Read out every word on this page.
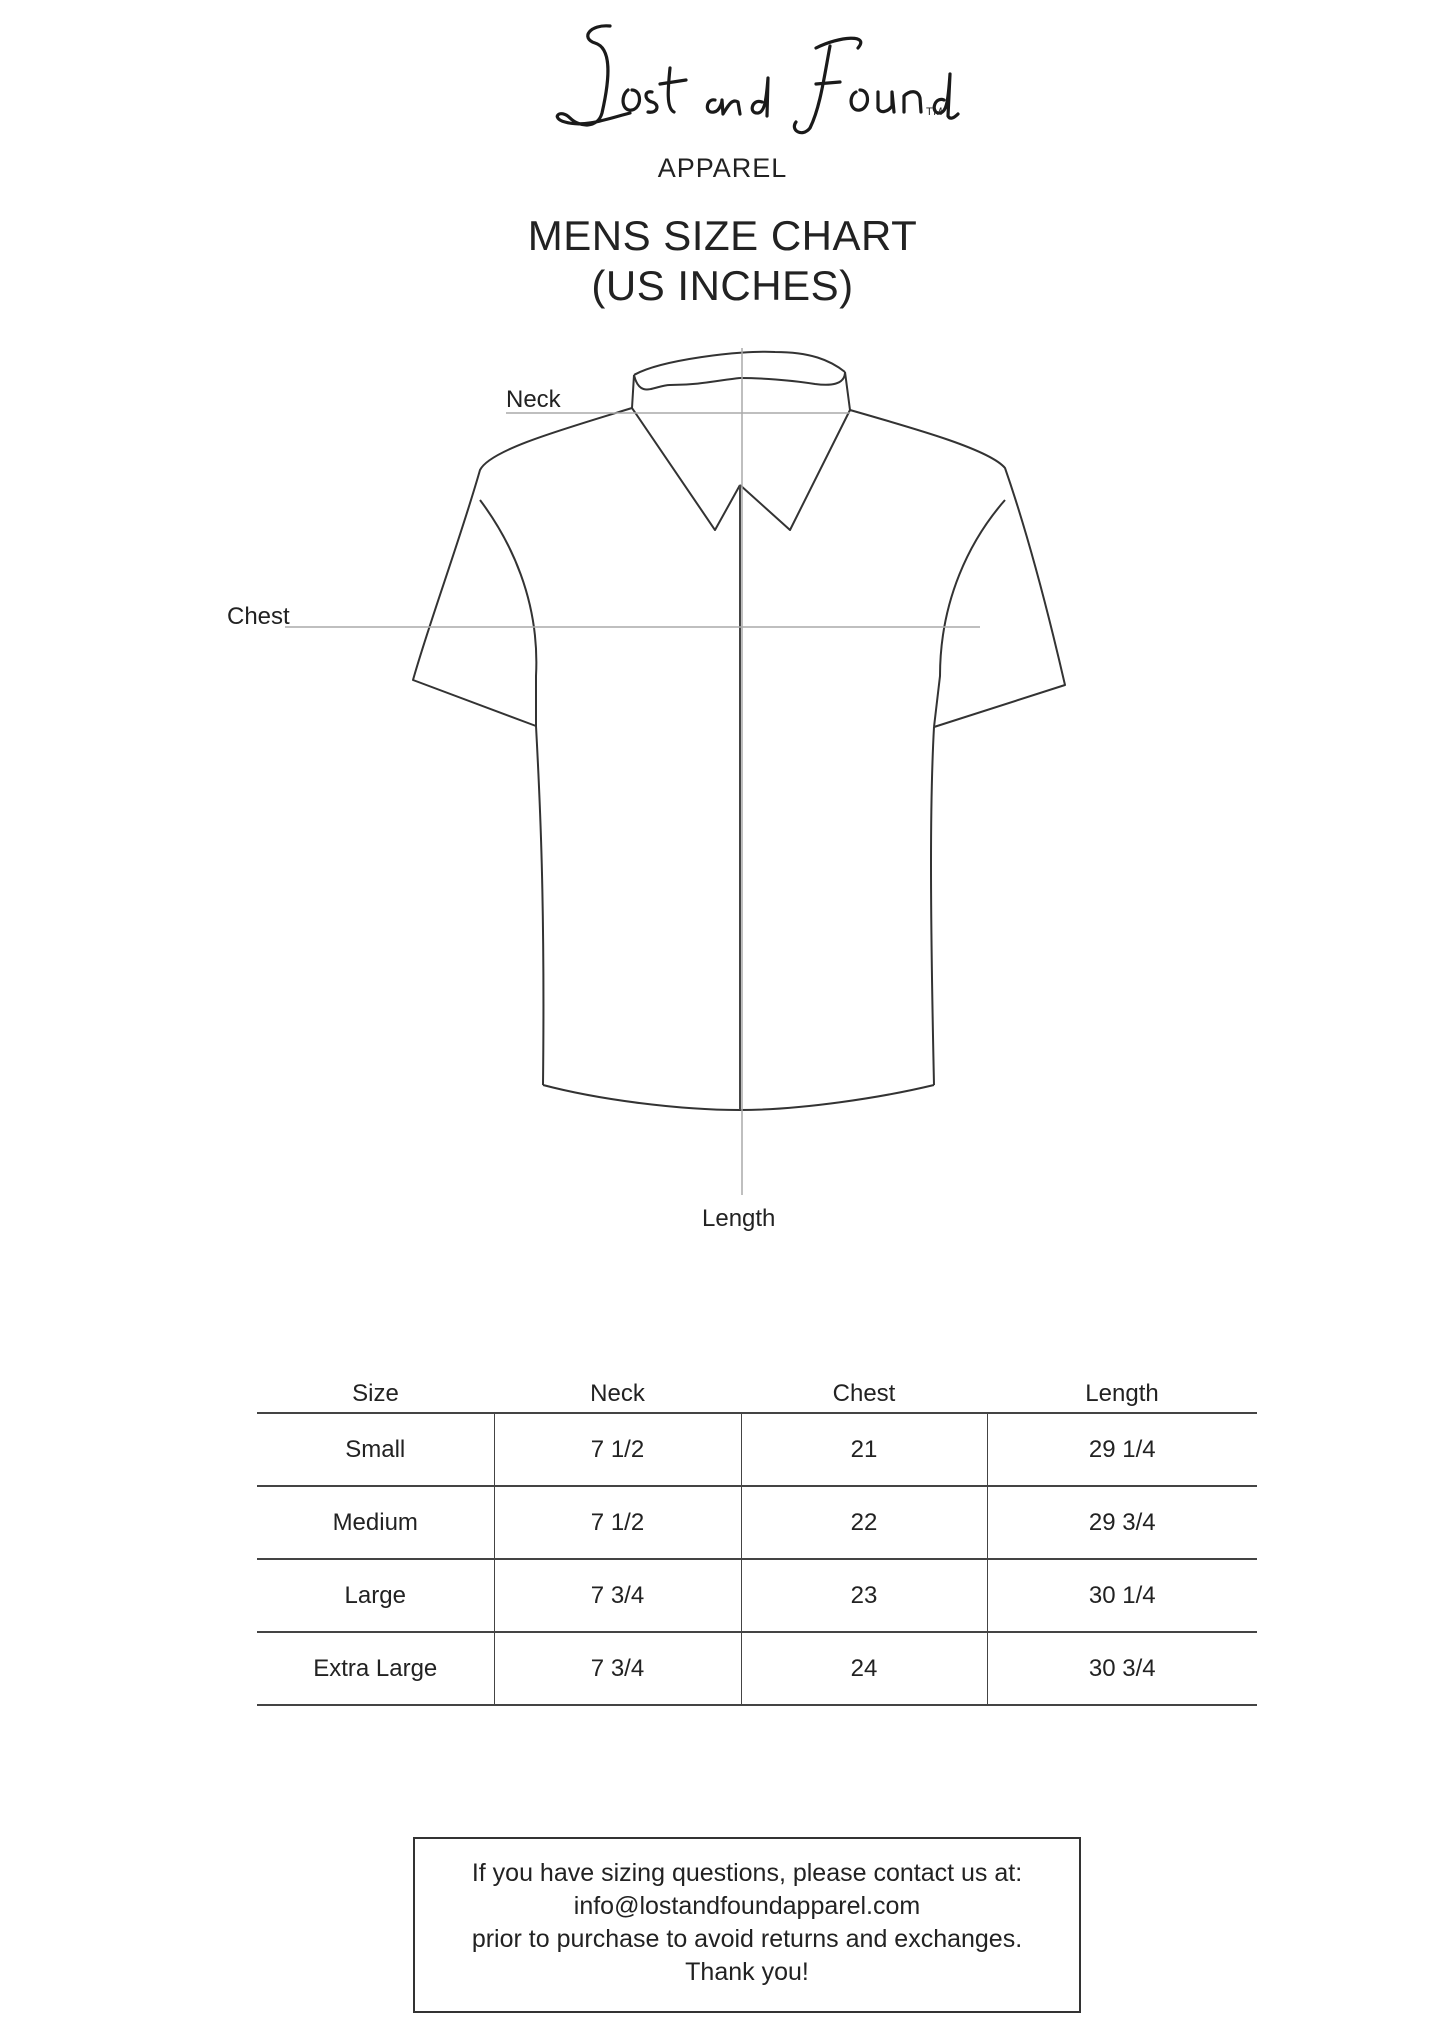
TM
APPAREL
MENS SIZE CHART
(US INCHES)
Neck
Chest
Length
Size	Neck	Chest	Length
Small	7 1/2	21	29 1/4
Medium	7 1/2	22	29 3/4
Large	7 3/4	23	30 1/4
Extra Large	7 3/4	24	30 3/4
If you have sizing questions, please contact us at:
info@lostandfoundapparel.com
prior to purchase to avoid returns and exchanges.
Thank you!
